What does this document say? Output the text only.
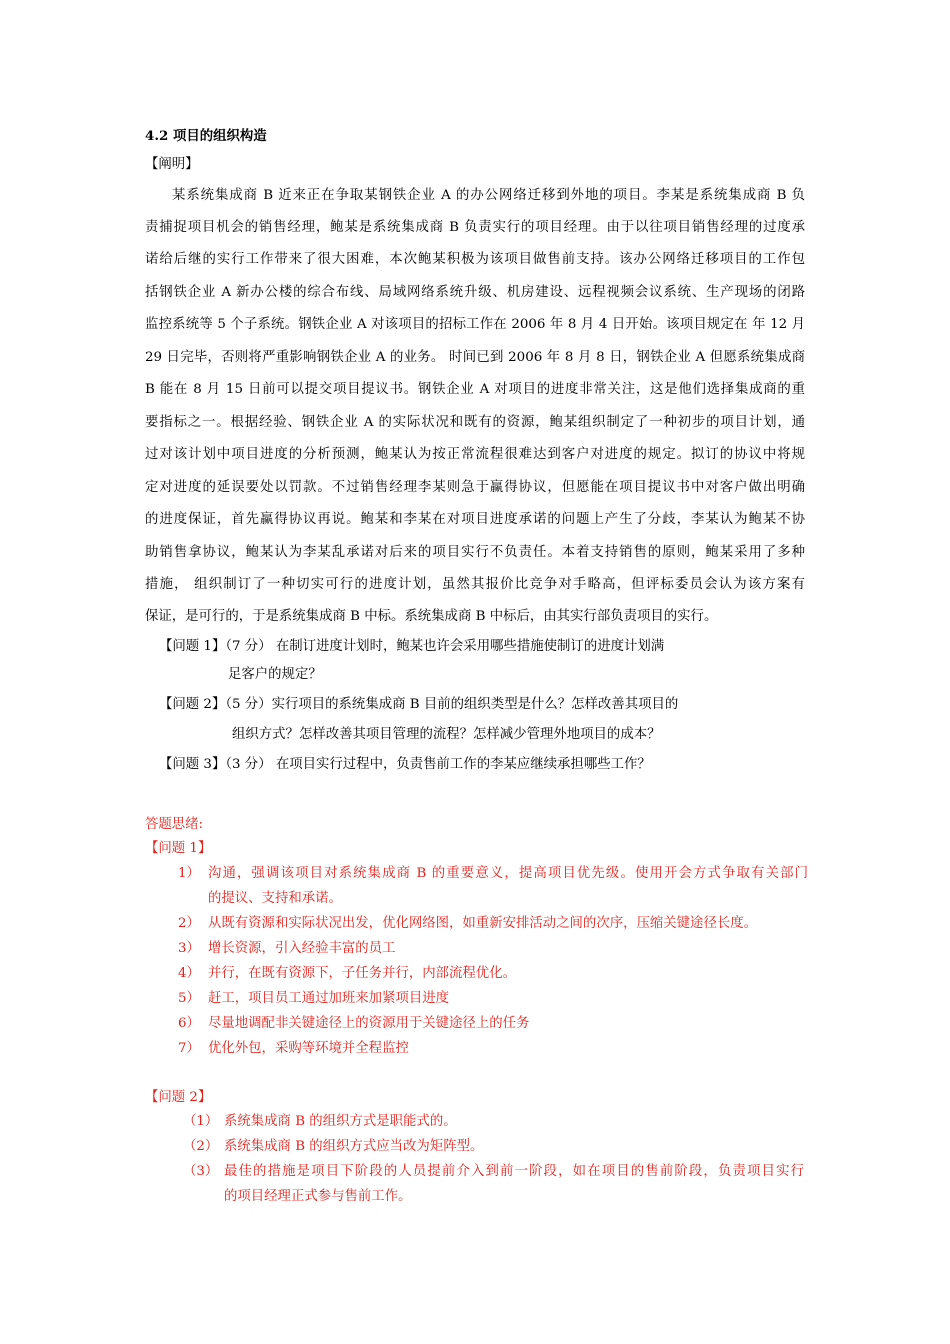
4.2 项目的组织构造
【阐明】
某系统集成商 B 近来正在争取某钢铁企业 A 的办公网络迁移到外地的项目。李某是系统集成商 B 负
责捕捉项目机会的销售经理，鲍某是系统集成商 B 负责实行的项目经理。由于以往项目销售经理的过度承
诺给后继的实行工作带来了很大困难，本次鲍某积极为该项目做售前支持。该办公网络迁移项目的工作包
括钢铁企业 A 新办公楼的综合布线、局域网络系统升级、机房建设、远程视频会议系统、生产现场的闭路
监控系统等 5 个子系统。钢铁企业 A 对该项目的招标工作在 2006 年 8 月 4 日开始。该项目规定在 年 12 月
29 日完毕，否则将严重影响钢铁企业 A 的业务。 时间已到 2006 年 8 月 8 日，钢铁企业 A 但愿系统集成商
B 能在 8 月 15 日前可以提交项目提议书。钢铁企业 A 对项目的进度非常关注，这是他们选择集成商的重
要指标之一。根据经验、钢铁企业 A 的实际状况和既有的资源，鲍某组织制定了一种初步的项目计划，通
过对该计划中项目进度的分析预测，鲍某认为按正常流程很难达到客户对进度的规定。拟订的协议中将规
定对进度的延误要处以罚款。不过销售经理李某则急于赢得协议，但愿能在项目提议书中对客户做出明确
的进度保证，首先赢得协议再说。鲍某和李某在对项目进度承诺的问题上产生了分歧，李某认为鲍某不协
助销售拿协议，鲍某认为李某乱承诺对后来的项目实行不负责任。本着支持销售的原则，鲍某采用了多种
措施， 组织制订了一种切实可行的进度计划，虽然其报价比竞争对手略高，但评标委员会认为该方案有
保证，是可行的，于是系统集成商 B 中标。系统集成商 B 中标后，由其实行部负责项目的实行。
【问题 1】（7 分） 在制订进度计划时，鲍某也许会采用哪些措施使制订的进度计划满
足客户的规定？
【问题 2】（5 分）实行项目的系统集成商 B 目前的组织类型是什么？怎样改善其项目的
组织方式？怎样改善其项目管理的流程？怎样减少管理外地项目的成本？
【问题 3】（3 分） 在项目实行过程中，负责售前工作的李某应继续承担哪些工作？
答题思绪:
【问题 1】
1） 沟通，强调该项目对系统集成商 B 的重要意义，提高项目优先级。使用开会方式争取有关部门
的提议、支持和承诺。
2） 从既有资源和实际状况出发，优化网络图，如重新安排活动之间的次序，压缩关键途径长度。
3） 增长资源，引入经验丰富的员工
4） 并行，在既有资源下，子任务并行，内部流程优化。
5） 赶工，项目员工通过加班来加紧项目进度
6） 尽量地调配非关键途径上的资源用于关键途径上的任务
7） 优化外包，采购等环境并全程监控
【问题 2】
（1） 系统集成商 B 的组织方式是职能式的。
（2） 系统集成商 B 的组织方式应当改为矩阵型。
（3） 最佳的措施是项目下阶段的人员提前介入到前一阶段，如在项目的售前阶段，负责项目实行
的项目经理正式参与售前工作。
